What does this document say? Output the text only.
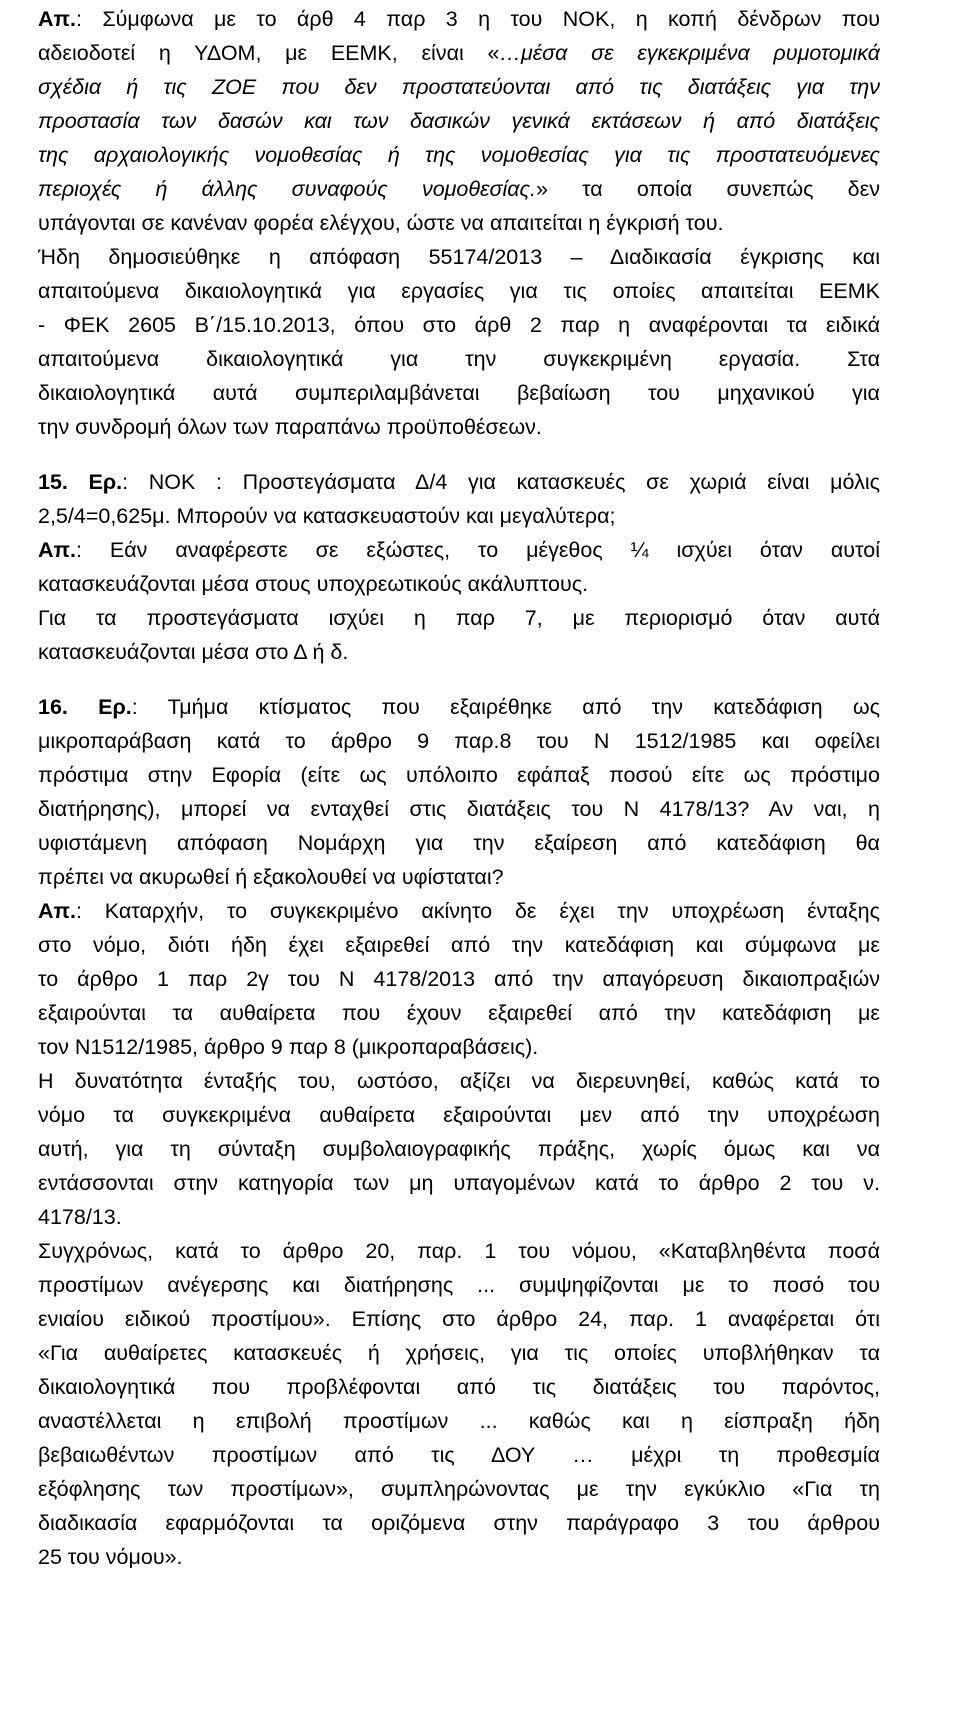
Απ.: Σύμφωνα με το άρθ 4 παρ 3 η του ΝΟΚ, η κοπή δένδρων που
αδειοδοτεί η ΥΔΟΜ, με ΕΕΜΚ, είναι «…μέσα σε εγκεκριμένα ρυμοτομικά
σχέδια ή τις ΖΟΕ που δεν προστατεύονται από τις διατάξεις για την
προστασία των δασών και των δασικών γενικά εκτάσεων ή από διατάξεις
της αρχαιολογικής νομοθεσίας ή της νομοθεσίας για τις προστατευόμενες
περιοχές ή άλλης συναφούς νομοθεσίας.» τα οποία συνεπώς δεν
υπάγονται σε κανέναν φορέα ελέγχου, ώστε να απαιτείται η έγκρισή του.
Ήδη δημοσιεύθηκε η απόφαση 55174/2013 – Διαδικασία έγκρισης και
απαιτούμενα δικαιολογητικά για εργασίες για τις οποίες απαιτείται ΕΕΜΚ
- ΦΕΚ 2605 Β΄/15.10.2013, όπου στο άρθ 2 παρ η αναφέρονται τα ειδικά
απαιτούμενα δικαιολογητικά για την συγκεκριμένη εργασία. Στα
δικαιολογητικά αυτά συμπεριλαμβάνεται βεβαίωση του μηχανικού για
την συνδρομή όλων των παραπάνω προϋποθέσεων.
15. Ερ.: ΝΟΚ : Προστεγάσματα Δ/4 για κατασκευές σε χωριά είναι μόλις
2,5/4=0,625μ. Μπορούν να κατασκευαστούν και μεγαλύτερα;
Απ.: Εάν αναφέρεστε σε εξώστες, το μέγεθος ¼ ισχύει όταν αυτοί
κατασκευάζονται μέσα στους υποχρεωτικούς ακάλυπτους.
Για τα προστεγάσματα ισχύει η παρ 7, με περιορισμό όταν αυτά
κατασκευάζονται μέσα στο Δ ή δ.
16. Ερ.: Τμήμα κτίσματος που εξαιρέθηκε από την κατεδάφιση ως
μικροπαράβαση κατά το άρθρο 9 παρ.8 του Ν 1512/1985 και οφείλει
πρόστιμα στην Εφορία (είτε ως υπόλοιπο εφάπαξ ποσού είτε ως πρόστιμο
διατήρησης), μπορεί να ενταχθεί στις διατάξεις του Ν 4178/13? Αν ναι, η
υφιστάμενη απόφαση Νομάρχη για την εξαίρεση από κατεδάφιση θα
πρέπει να ακυρωθεί ή εξακολουθεί να υφίσταται?
Απ.: Καταρχήν, το συγκεκριμένο ακίνητο δε έχει την υποχρέωση ένταξης
στο νόμο, διότι ήδη έχει εξαιρεθεί από την κατεδάφιση και σύμφωνα με
το άρθρο 1 παρ 2γ του Ν 4178/2013 από την απαγόρευση δικαιοπραξιών
εξαιρούνται τα αυθαίρετα που έχουν εξαιρεθεί από την κατεδάφιση με
τον Ν1512/1985, άρθρο 9 παρ 8 (μικροπαραβάσεις).
Η δυνατότητα ένταξής του, ωστόσο, αξίζει να διερευνηθεί, καθώς κατά το
νόμο τα συγκεκριμένα αυθαίρετα εξαιρούνται μεν από την υποχρέωση
αυτή, για τη σύνταξη συμβολαιογραφικής πράξης, χωρίς όμως και να
εντάσσονται στην κατηγορία των μη υπαγομένων κατά το άρθρο 2 του ν.
4178/13.
Συγχρόνως, κατά το άρθρο 20, παρ. 1 του νόμου, «Καταβληθέντα ποσά
προστίμων ανέγερσης και διατήρησης ... συμψηφίζονται με το ποσό του
ενιαίου ειδικού προστίμου». Επίσης στο άρθρο 24, παρ. 1 αναφέρεται ότι
«Για αυθαίρετες κατασκευές ή χρήσεις, για τις οποίες υποβλήθηκαν τα
δικαιολογητικά που προβλέφονται από τις διατάξεις του παρόντος,
αναστέλλεται η επιβολή προστίμων ... καθώς και η είσπραξη ήδη
βεβαιωθέντων προστίμων από τις ΔΟΥ … μέχρι τη προθεσμία
εξόφλησης των προστίμων», συμπληρώνοντας με την εγκύκλιο «Για τη
διαδικασία εφαρμόζονται τα οριζόμενα στην παράγραφο 3 του άρθρου
25 του νόμου».
